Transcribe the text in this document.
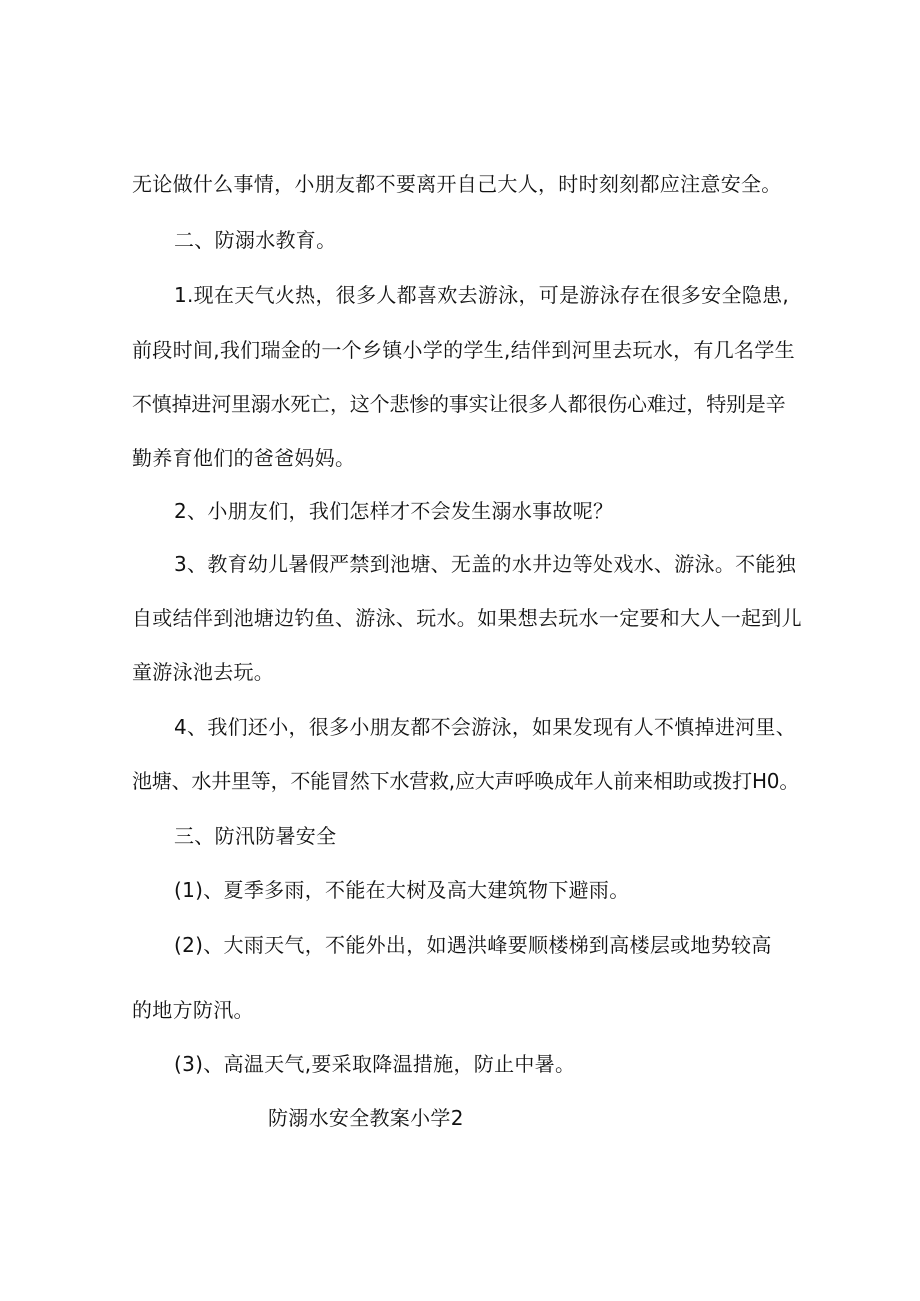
无论做什么事情，小朋友都不要离开自己大人，时时刻刻都应注意安全。
二、防溺水教育。
1.现在天气火热，很多人都喜欢去游泳，可是游泳存在很多安全隐患,
前段时间,我们瑞金的一个乡镇小学的学生,结伴到河里去玩水，有几名学生
不慎掉进河里溺水死亡，这个悲惨的事实让很多人都很伤心难过，特别是辛
勤养育他们的爸爸妈妈。
2、小朋友们，我们怎样才不会发生溺水事故呢？
3、教育幼儿暑假严禁到池塘、无盖的水井边等处戏水、游泳。不能独
自或结伴到池塘边钓鱼、游泳、玩水。如果想去玩水一定要和大人一起到儿
童游泳池去玩。
4、我们还小，很多小朋友都不会游泳，如果发现有人不慎掉进河里、
池塘、水井里等，不能冒然下水营救,应大声呼唤成年人前来相助或拨打H0。
三、防汛防暑安全
(1)、夏季多雨，不能在大树及高大建筑物下避雨。
(2)、大雨天气，不能外出，如遇洪峰要顺楼梯到高楼层或地势较高
的地方防汛。
(3)、高温天气,要采取降温措施，防止中暑。
防溺水安全教案小学2
